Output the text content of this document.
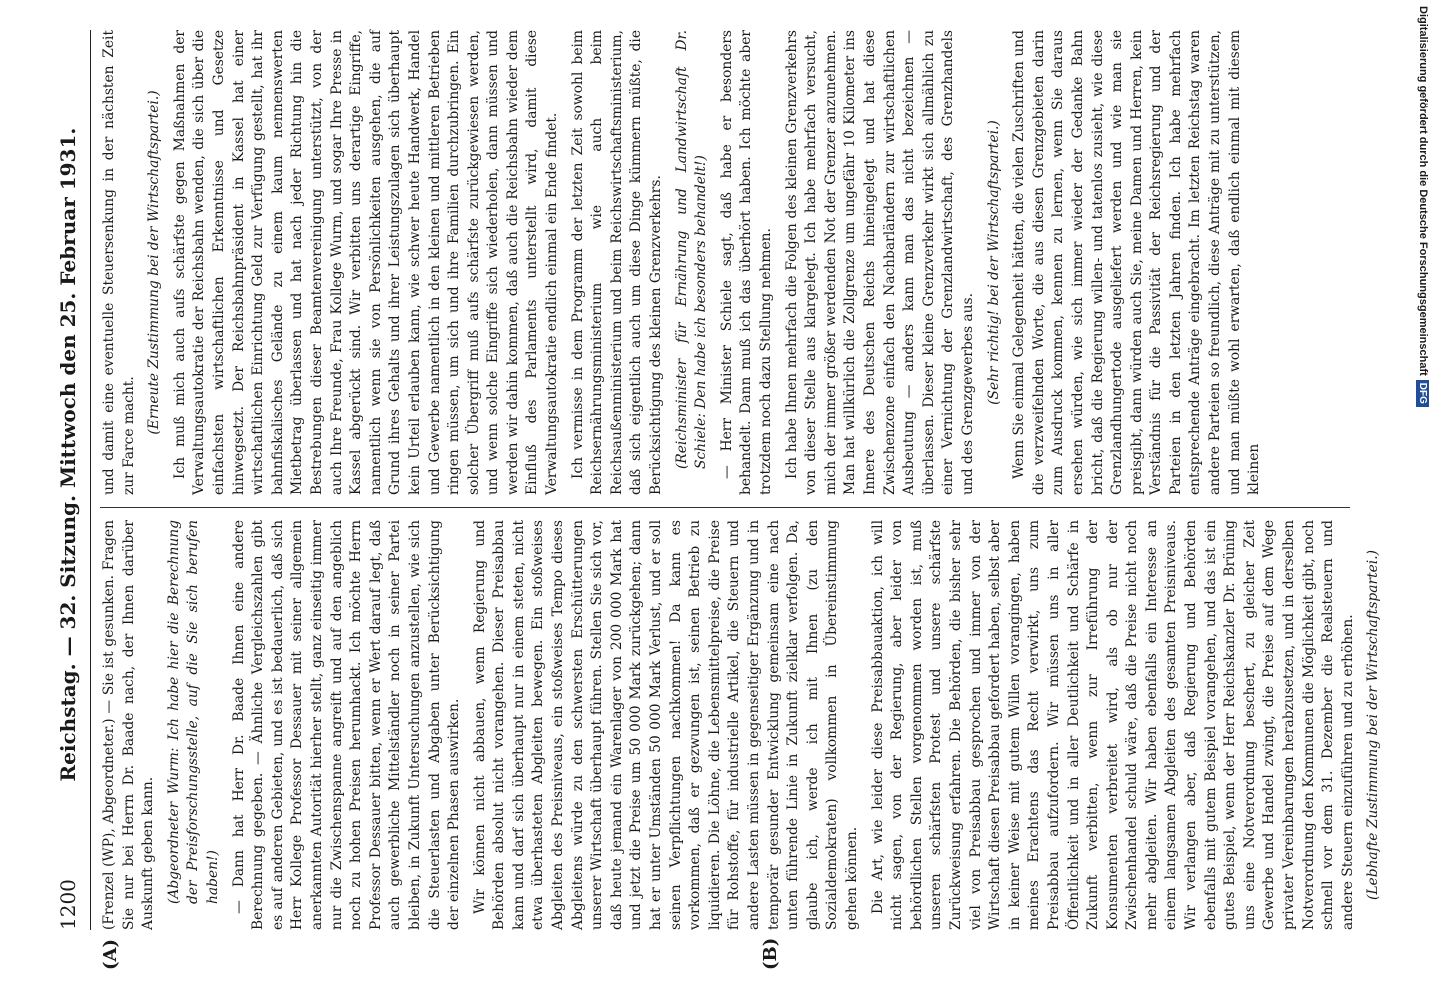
1200
Reichstag. — 32. Sitzung. Mittwoch den 25. Februar 1931.
(A)	(B)

(Frenzel (WP), Abgeordneter.) — Sie ist gesunken. Fragen Sie nur bei Herrn Dr. Baade nach, der Ihnen darüber Auskunft geben kann. (Abgeordneter Wurm: Ich habe hier die Berechnung der Preisforschungsstelle, auf die Sie sich berufen haben!) — Dann hat Herr Dr. Baade Ihnen eine andere Berechnung gegeben. — Ähnliche Vergleichszahlen gibt es auf anderen Gebieten, und es ist bedauerlich, daß sich Herr Kollege Professor Dessauer mit seiner allgemein anerkannten Autorität hierher stellt, ganz einseitig immer nur die Zwischenspanne angreift und auf den angeblich noch zu hohen Preisen herumhackt. Ich möchte Herrn Professor Dessauer bitten, wenn er Wert darauf legt, daß auch gewerbliche Mittelständler noch in seiner Partei bleiben, in Zukunft Untersuchungen anzustellen, wie sich die Steuerlasten und Abgaben unter Berücksichtigung der einzelnen Phasen auswirken. Wir können nicht abbauen, wenn Regierung und Behörden absolut nicht vorangehen. Dieser Preisabbau kann und darf sich überhaupt nur in einem steten, nicht etwa überhasteten Abgleiten bewegen. Ein stoßweises Abgleiten des Preisniveaus, ein stoßweises Tempo dieses Abgleitens würde zu den schwersten Erschütterungen unserer Wirtschaft überhaupt führen. Stellen Sie sich vor, daß heute jemand ein Warenlager von 200 000 Mark hat und jetzt die Preise um 50 000 Mark zurückgehen; dann hat er unter Umständen 50 000 Mark Verlust, und er soll seinen Verpflichtungen nachkommen! Da kann es vorkommen, daß er gezwungen ist, seinen Betrieb zu liquidieren. Die Löhne, die Lebensmittelpreise, die Preise für Rohstoffe, für industrielle Artikel, die Steuern und andere Lasten müssen in gegenseitiger Ergänzung und in temporär gesunder Entwicklung gemeinsam eine nach unten führende Linie in Zukunft zielklar verfolgen. Da, glaube ich, werde ich mit Ihnen (zu den Sozialdemokraten) vollkommen in Übereinstimmung gehen können. Die Art, wie leider diese Preisabbauaktion, ich will nicht sagen, von der Regierung, aber leider von behördlichen Stellen vorgenommen worden ist, muß unseren schärfsten Protest und unsere schärfste Zurückweisung erfahren. Die Behörden, die bisher sehr viel von Preisabbau gesprochen und immer von der Wirtschaft diesen Preisabbau gefordert haben, selbst aber in keiner Weise mit gutem Willen vorangingen, haben meines Erachtens das Recht verwirkt, uns zum Preisabbau aufzufordern. Wir müssen uns in aller Öffentlichkeit und in aller Deutlichkeit und Schärfe in Zukunft verbitten, wenn zur Irreführung der Konsumenten verbreitet wird, als ob nur der Zwischenhandel schuld wäre, daß die Preise nicht noch mehr abgleiten. Wir haben ebenfalls ein Interesse an einem langsamen Abgleiten des gesamten Preisniveaus. Wir verlangen aber, daß Regierung und Behörden ebenfalls mit gutem Beispiel vorangehen, und das ist ein gutes Beispiel, wenn der Herr Reichskanzler Dr. Brüning uns eine Notverordnung beschert, zu gleicher Zeit Gewerbe und Handel zwingt, die Preise auf dem Wege privater Vereinbarungen herabzusetzen, und in derselben Notverordnung den Kommunen die Möglichkeit gibt, noch schnell vor dem 31. Dezember die Realsteuern und andere Steuern einzuführen und zu erhöhen. (Lebhafte Zustimmung bei der Wirtschaftspartei.)

und damit eine eventuelle Steuersenkung in der nächsten Zeit zur Farce macht.

(Erneute Zustimmung bei der Wirtschaftspartei.) Ich muß mich auch aufs schärfste gegen Maßnahmen der Verwaltungsautokratie der Reichsbahn wenden, die sich über die einfachsten wirtschaftlichen Erkenntnisse und Gesetze hinwegsetzt. Der Reichsbahnpräsident in Kassel hat einer wirtschaftlichen Einrichtung Geld zur Verfügung gestellt, hat ihr bahnfiskalisches Gelände zu einem kaum nennenswerten Mietbetrag überlassen und hat nach jeder Richtung hin die Bestrebungen dieser Beamtenvereinigung unterstützt, von der auch Ihre Freunde, Frau Kollege Wurm, und sogar Ihre Presse in Kassel abgerückt sind. Wir verbitten uns derartige Eingriffe, namentlich wenn sie von Persönlichkeiten ausgehen, die auf Grund ihres Gehalts und ihrer Leistungszulagen sich überhaupt kein Urteil erlauben kann, wie schwer heute Handwerk, Handel und Gewerbe namentlich in den kleinen und mittleren Betrieben ringen müssen, um sich und ihre Familien durchzubringen. Ein solcher Übergriff muß aufs schärfste zurückgewiesen werden, und wenn solche Eingriffe sich wiederholen, dann müssen und werden wir dahin kommen, daß auch die Reichsbahn wieder dem Einfluß des Parlaments unterstellt wird, damit diese Verwaltungsautokratie endlich einmal ein Ende findet. Ich vermisse in dem Programm der letzten Zeit sowohl beim Reichsernährungsministerium wie auch beim Reichsaußenministerium und beim Reichswirtschaftsministerium, daß sich eigentlich auch um diese Dinge kümmern müßte, die Berücksichtigung des kleinen Grenzverkehrs. (Reichsminister für Ernährung und Landwirtschaft Dr. Schiele: Den habe ich besonders behandelt!) — Herr Minister Schiele sagt, daß habe er besonders behandelt. Dann muß ich das überhört haben. Ich möchte aber trotzdem noch dazu Stellung nehmen. Ich habe Ihnen mehrfach die Folgen des kleinen Grenzverkehrs von dieser Stelle aus klargelegt. Ich habe mehrfach versucht, mich der immer größer werdenden Not der Grenzer anzunehmen. Man hat willkürlich die Zollgrenze um ungefähr 10 Kilometer ins Innere des Deutschen Reichs hineingelegt und hat diese Zwischenzone einfach den Nachbarländern zur wirtschaftlichen Ausbeutung — anders kann man das nicht bezeichnen — überlassen. Dieser kleine Grenzverkehr wirkt sich allmählich zu einer Vernichtung der Grenzlandwirtschaft, des Grenzhandels und des Grenzgewerbes aus. (Sehr richtig! bei der Wirtschaftspartei.) Wenn Sie einmal Gelegenheit hätten, die vielen Zuschriften und die verzweifelnden Worte, die aus diesen Grenzgebieten darin zum Ausdruck kommen, kennen zu lernen, wenn Sie daraus ersehen würden, wie sich immer wieder der Gedanke Bahn bricht, daß die Regierung willen- und tatenlos zusieht, wie diese Grenzlandhungertode ausgeliefert werden und wie man sie preisgibt, dann würden auch Sie, meine Damen und Herren, kein Verständnis für die Passivität der Reichsregierung und der Parteien in den letzten Jahren finden. Ich habe mehrfach entsprechende Anträge eingebracht. Im letzten Reichstag waren andere Parteien so freundlich, diese Anträge mit zu unterstützen, und man müßte wohl erwarten, daß endlich einmal mit diesem kleinen

Digitalisierung gefördert durch die Deutsche Forschungsgemeinschaft
DFG
